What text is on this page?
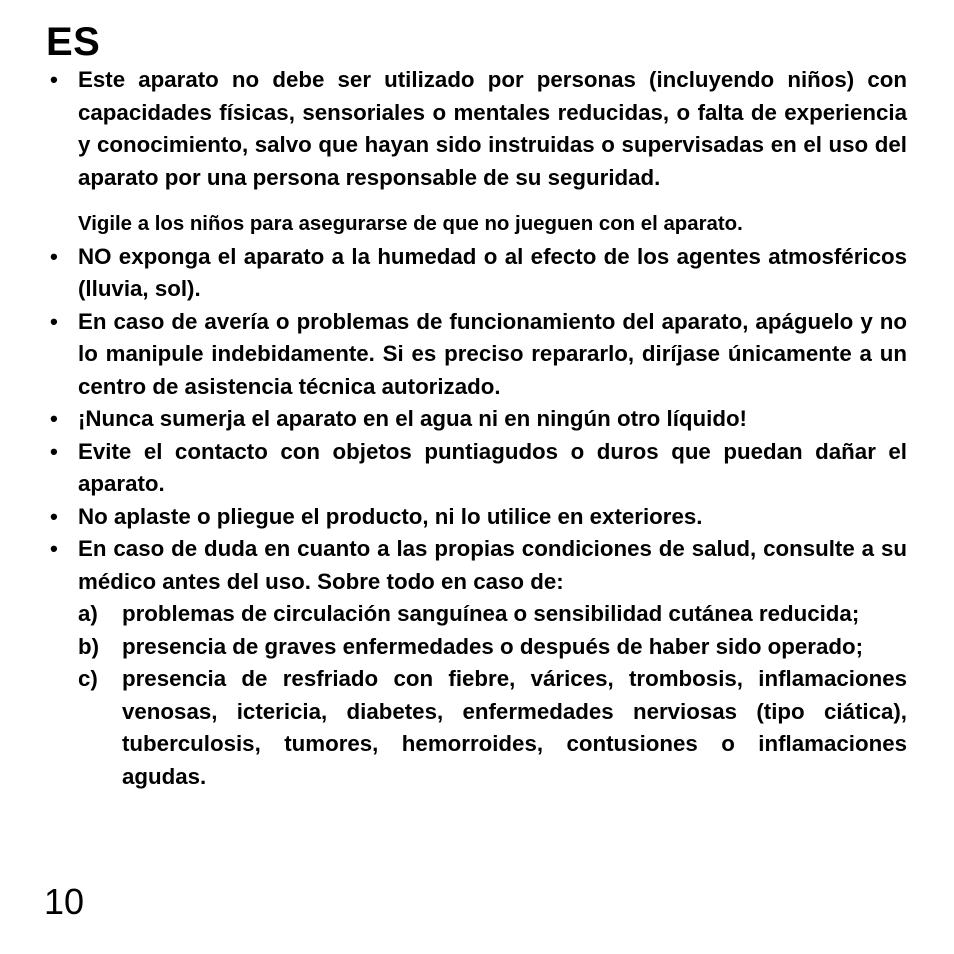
ES
• Este aparato no debe ser utilizado por personas (incluyendo niños) con capacidades físicas, sensoriales o mentales reducidas, o falta de experiencia y conocimiento, salvo que hayan sido instruidas o supervisadas en el uso del aparato por una persona responsable de su seguridad.
Vigile a los niños para asegurarse de que no jueguen con el aparato.
• NO exponga el aparato a la humedad o al efecto de los agentes atmosféricos (lluvia, sol).
• En caso de avería o problemas de funcionamiento del aparato, apáguelo y no lo manipule indebidamente. Si es preciso repararlo, diríjase únicamente a un centro de asistencia técnica autorizado.
• ¡Nunca sumerja el aparato en el agua ni en ningún otro líquido!
• Evite el contacto con objetos puntiagudos o duros que puedan dañar el aparato.
• No aplaste o pliegue el producto, ni lo utilice en exteriores.
• En caso de duda en cuanto a las propias condiciones de salud, consulte a su médico antes del uso. Sobre todo en caso de:
a) problemas de circulación sanguínea o sensibilidad cutánea reducida;
b) presencia de graves enfermedades o después de haber sido operado;
c) presencia de resfriado con fiebre, várices, trombosis, inflamaciones venosas, ictericia, diabetes, enfermedades nerviosas (tipo ciática), tuberculosis, tumores, hemorroides, contusiones o inflamaciones agudas.
10
